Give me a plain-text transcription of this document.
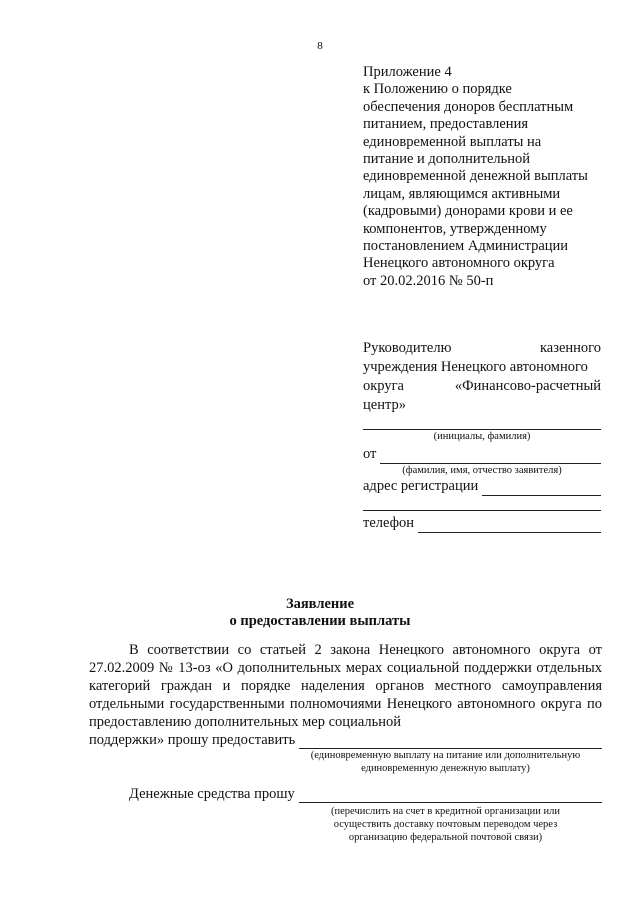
8
Приложение 4
к Положению о порядке
обеспечения доноров бесплатным
питанием, предоставления
единовременной выплаты на
питание и дополнительной
единовременной денежной выплаты
лицам, являющимся активными
(кадровыми) донорами крови и ее
компонентов, утвержденному
постановлением Администрации
Ненецкого автономного округа
от 20.02.2016 № 50-п
Руководителю	казенного
учреждения Ненецкого автономного
округа	«Финансово-расчетный
центр»
(инициалы, фамилия)
от
(фамилия, имя, отчество заявителя)
адрес регистрации
телефон
Заявление
о предоставлении выплаты

В соответствии со статьей 2 закона Ненецкого автономного округа от 27.02.2009 № 13-оз «О дополнительных мерах социальной поддержки отдельных категорий граждан и порядке наделения органов местного самоуправления отдельными государственными полномочиями Ненецкого автономного округа по предоставлению дополнительных мер социальной

поддержки» прошу предоставить
(единовременную выплату на питание или дополнительную
единовременную денежную выплату)
Денежные средства прошу
(перечислить на счет в кредитной организации или
осуществить доставку почтовым переводом через
организацию федеральной почтовой связи)
